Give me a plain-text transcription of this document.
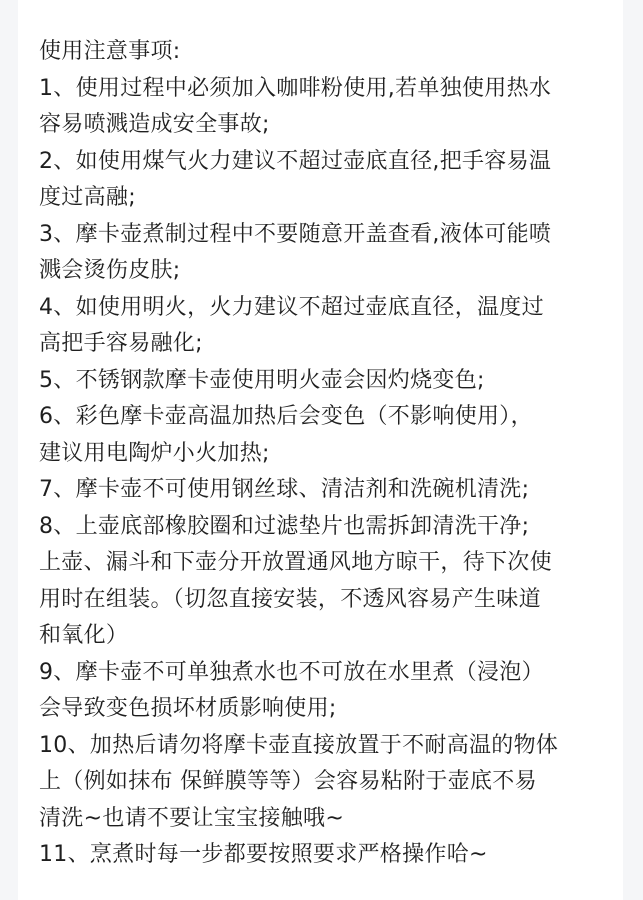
使用注意事项:

1、使用过程中必须加入咖啡粉使用,若单独使用热水

容易喷溅造成安全事故;

2、如使用煤气火力建议不超过壶底直径,把手容易温

度过高融;

3、摩卡壶煮制过程中不要随意开盖查看,液体可能喷

溅会烫伤皮肤;

4、如使用明火，火力建议不超过壶底直径，温度过

高把手容易融化;

5、不锈钢款摩卡壶使用明火壶会因灼烧变色;

6、彩色摩卡壶高温加热后会变色（不影响使用），

建议用电陶炉小火加热;

7、摩卡壶不可使用钢丝球、清洁剂和洗碗机清洗;

8、上壶底部橡胶圈和过滤垫片也需拆卸清洗干净;

上壶、漏斗和下壶分开放置通风地方晾干，待下次使

用时在组装。（切忽直接安装，不透风容易产生味道

和氧化）

9、摩卡壶不可单独煮水也不可放在水里煮（浸泡）

会导致变色损坏材质影响使用;

10、加热后请勿将摩卡壶直接放置于不耐高温的物体

上（例如抹布 保鲜膜等等）会容易粘附于壶底不易

清洗~也请不要让宝宝接触哦~

11、烹煮时每一步都要按照要求严格操作哈~
